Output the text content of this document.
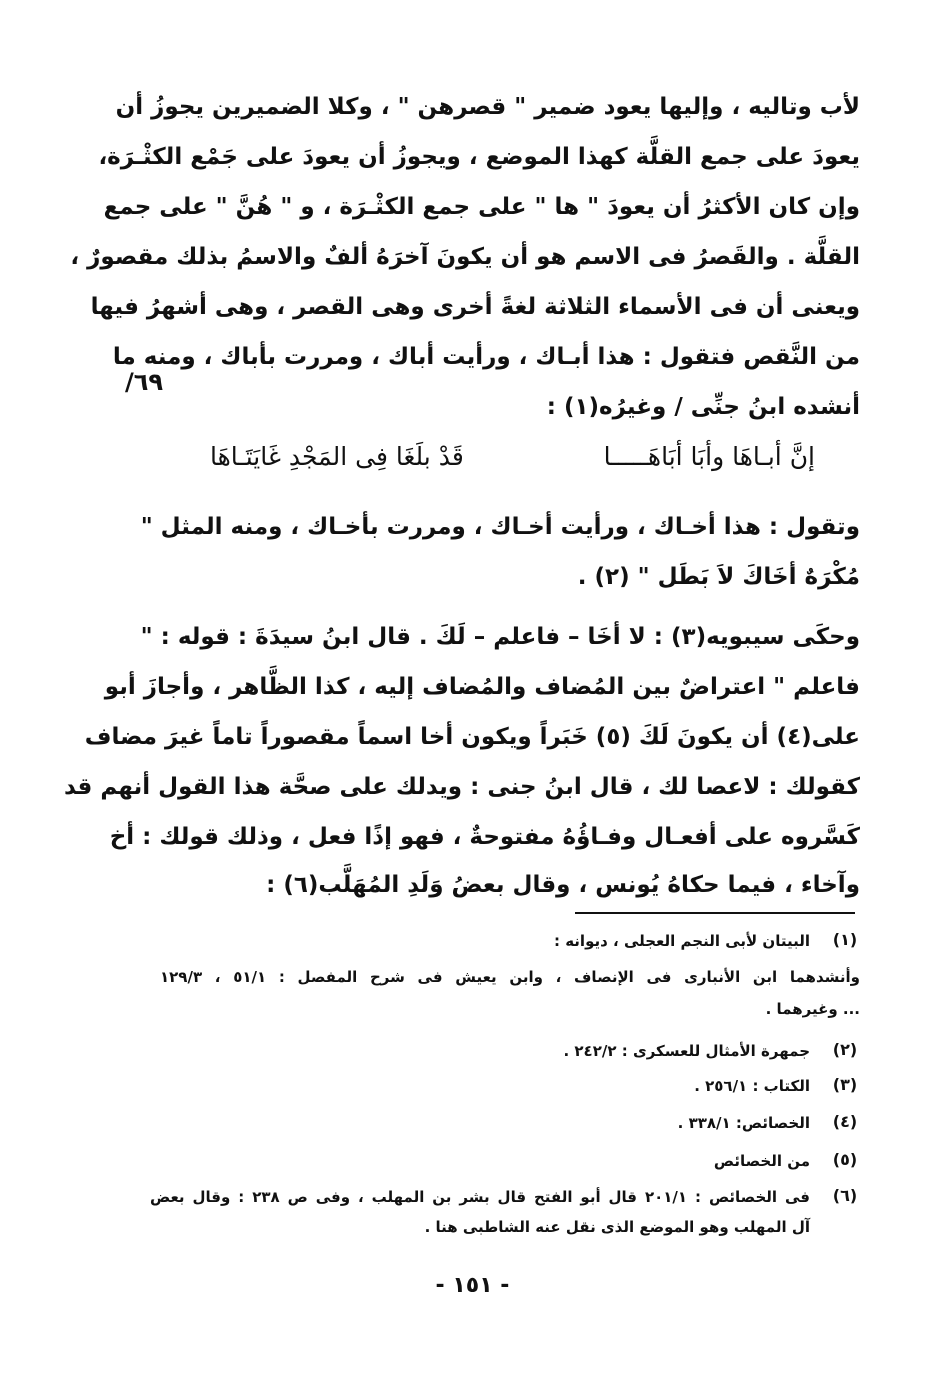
لأب وتاليه ، وإليها يعود ضمير " قصرهن " ، وكلا الضميرين يجوزُ أن
يعودَ على جمع القلَّة كهذا الموضع ، ويجوزُ أن يعودَ على جَمْع الكثْـرَة،
وإن كان الأكثرُ أن يعودَ " ها " على جمع الكثْـرَة ، و " هُنَّ " على جمع
القلَّة . والقَصرُ فى الاسم هو أن يكونَ آخرَهُ ألفٌ والاسمُ بذلك مقصورٌ ،
ويعنى أن فى الأسماء الثلاثة لغةً أخرى وهى القصر ، وهى أشهرُ فيها
من النَّقص فتقول : هذا أبـاك ، ورأيت أباك ، ومررت بأباك ، ومنه ما
أنشده ابنُ جنِّى / وغيرُه(١) :
٦٩/
إنَّ أبـاهَا وأبَا أبَاهَـــــا
قَدْ بلَغَا فِى المَجْدِ غَايَتَـاهَا
وتقول : هذا أخـاك ، ورأيت أخـاك ، ومررت بأخـاك ، ومنه المثل "
مُكْرَهٌ أخَاكَ لاَ بَطَل " (٢) .
وحكَى سيبويه(٣) : لا أخَا – فاعلم – لَكَ . قال ابنُ سيدَةَ : قوله : "
فاعلم " اعتراضٌ بين المُضاف والمُضاف إليه ، كذا الظَّاهر ، وأجازَ أبو
على(٤) أن يكونَ لَكَ (٥) خَبَراً ويكون أخا اسماً مقصوراً تاماً غيرَ مضاف
كقولك : لاعصا لك ، قال ابنُ جنى : ويدلك على صحَّة هذا القول أنهم قد
كَسَّروه على أفعـال وفـاؤُهُ مفتوحةٌ ، فهو إذًا فعل ، وذلك قولك : أخ
وآخاء ، فيما حكاهُ يُونس ، وقال بعضُ وَلَدِ المُهَلَّب(٦) :
(١)
البيتان لأبى النجم العجلى ، ديوانه :
وأنشدهما ابن الأنبارى فى الإنصاف ، وابن يعيش فى شرح المفصل : ٥١/١ ، ١٢٩/٣
... وغيرهما .
(٢)
جمهرة الأمثال للعسكرى : ٢٤٢/٢ .
(٣)
الكتاب : ٢٥٦/١ .
(٤)
الخصائص: ٣٣٨/١ .
(٥)
من الخصائص
(٦)
فى الخصائص : ٢٠١/١ قال أبو الفتح قال بشر بن المهلب ، وفى ص ٢٣٨ : وقال بعض
آل المهلب وهو الموضع الذى نقل عنه الشاطبى هنا .
- ١٥١ -
